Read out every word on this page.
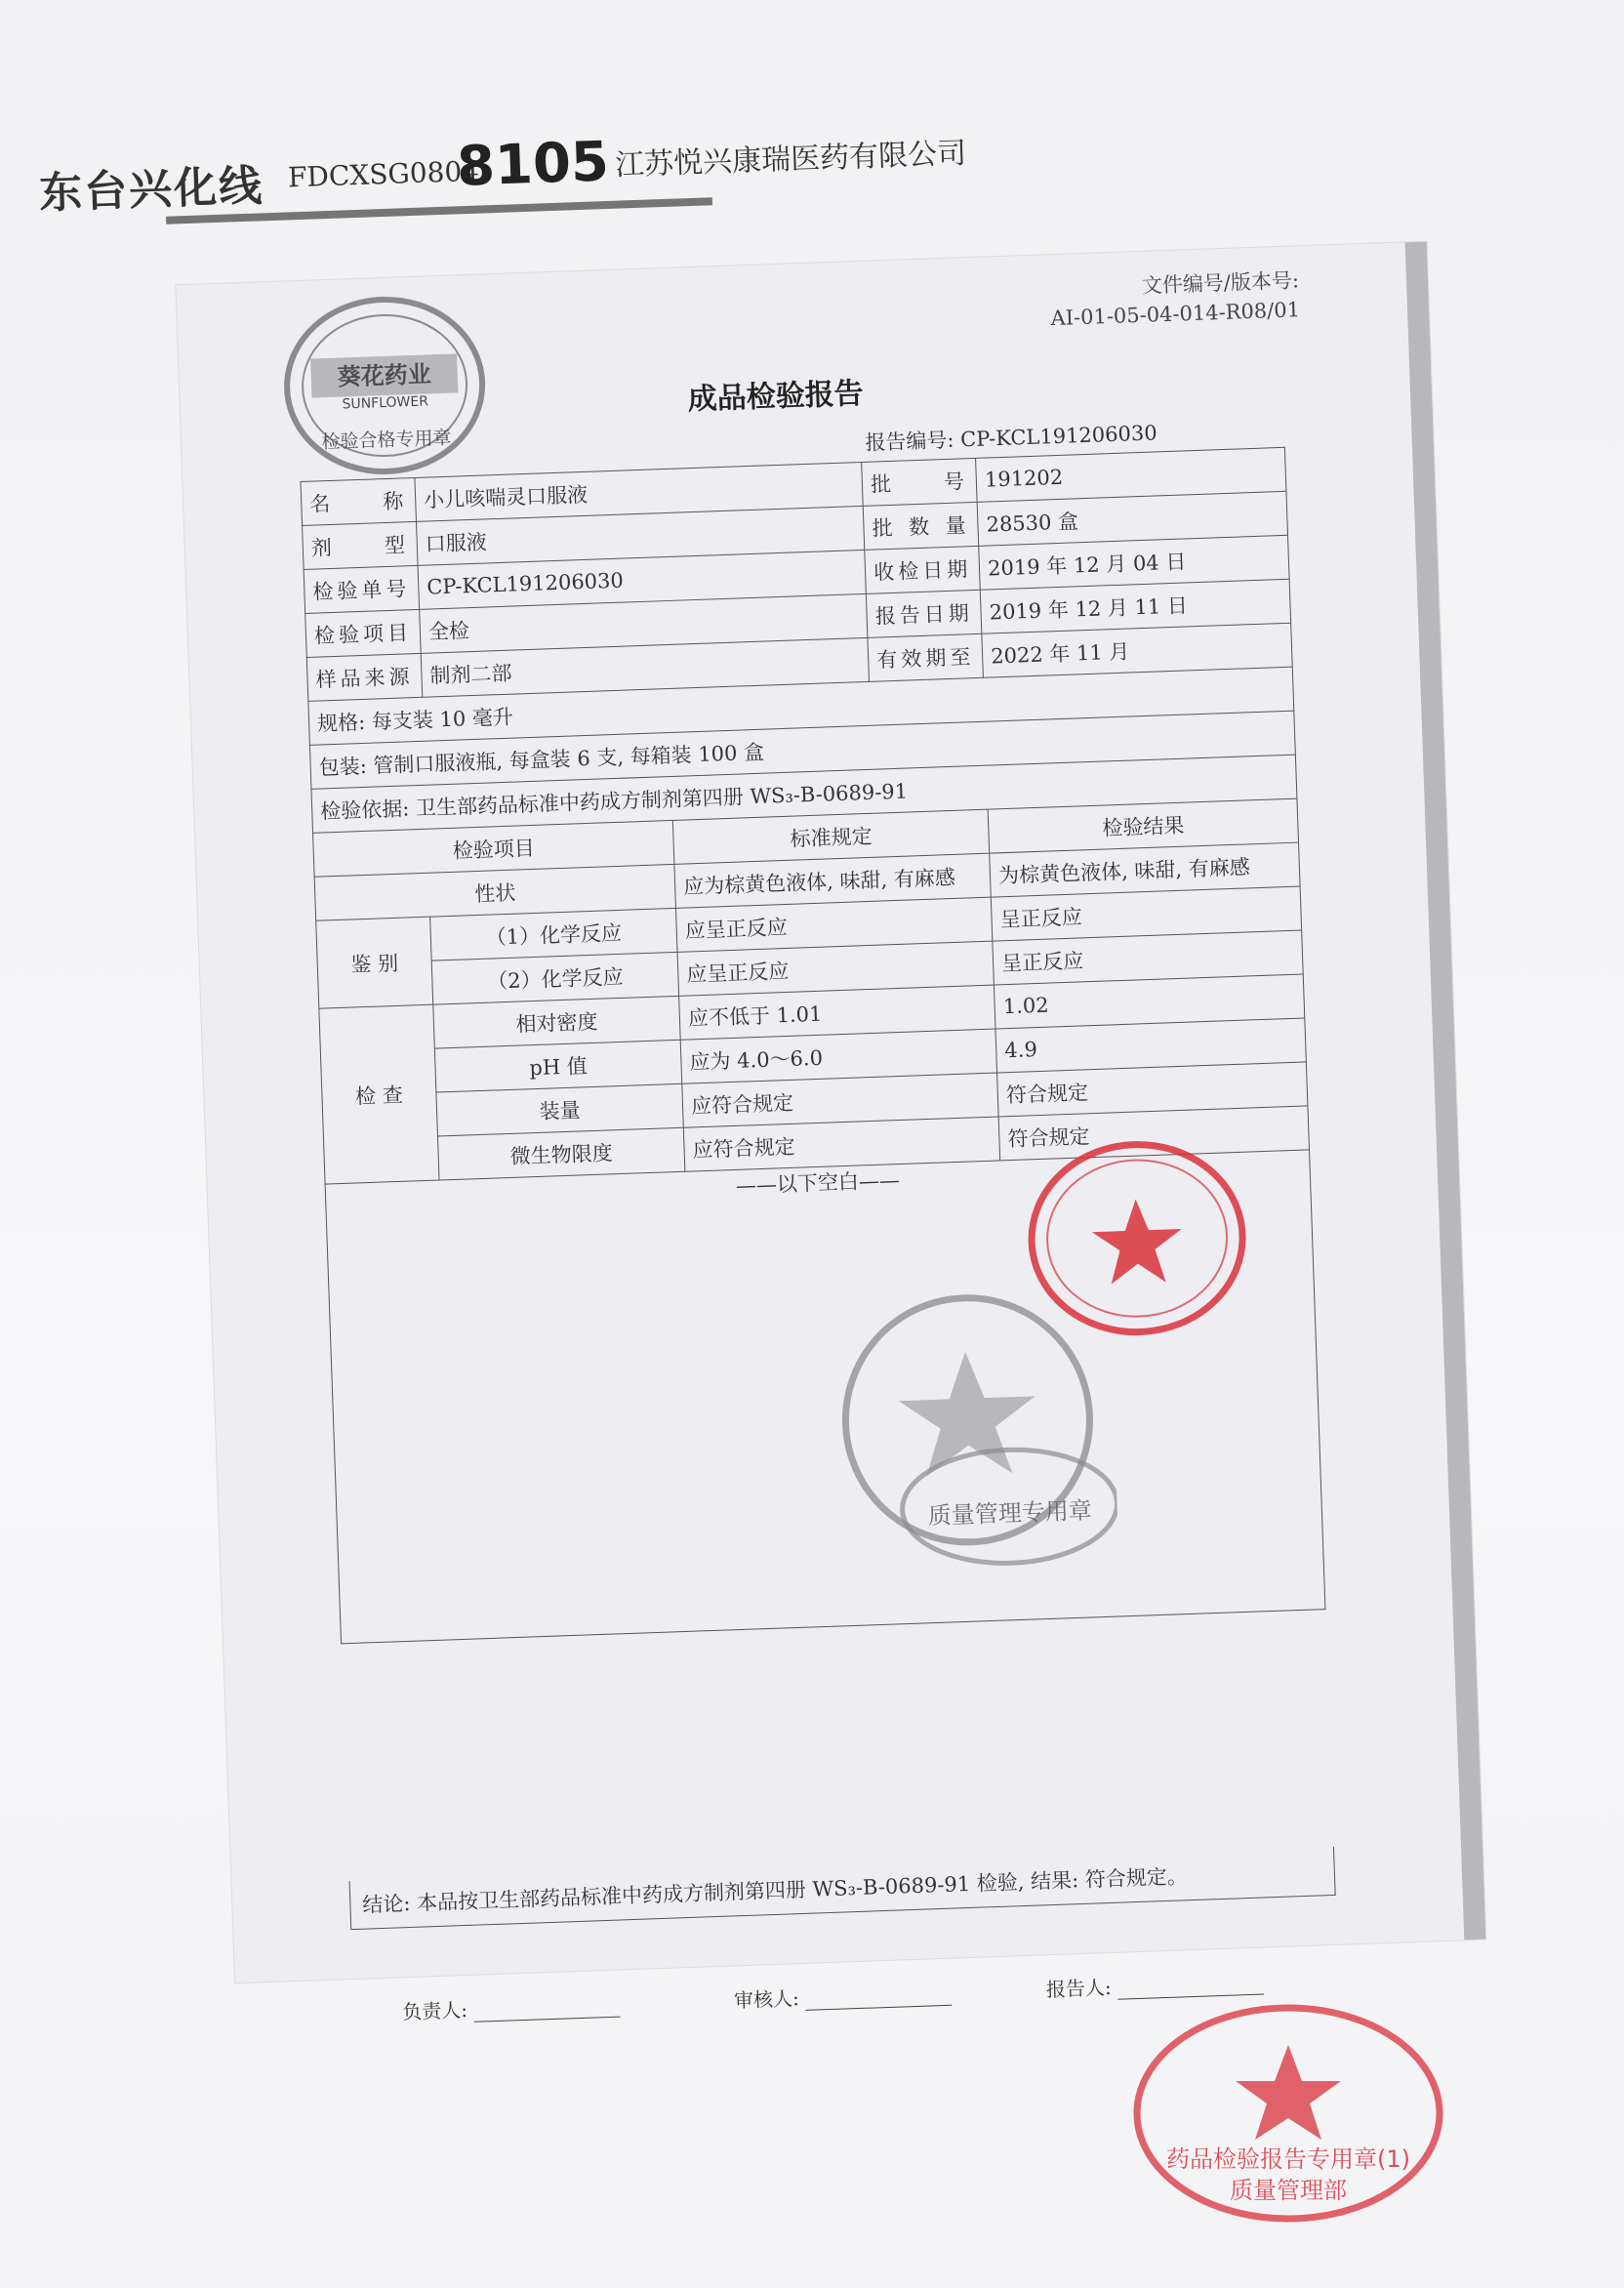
东台兴化线 FDCXSG0804
8105 江苏悦兴康瑞医药有限公司
葵花药业
SUNFLOWER
检验合格专用章
文件编号/版本号:
AI-01-05-04-014-R08/01
成品检验报告
报告编号: CP-KCL191206030
名　称	小儿咳喘灵口服液		批　号	191202
剂　型	口服液		批数量	28530 盒
检验单号	CP-KCL191206030		收检日期	2019 年 12 月 04 日
检验项目	全检		报告日期	2019 年 12 月 11 日
样品来源	制剂二部		有效期至	2022 年 11 月
规格: 每支装 10 毫升				
包装: 管制口服液瓶, 每盒装 6 支, 每箱装 100 盒				
检验依据: 卫生部药品标准中药成方制剂第四册 WS₃-B-0689-91				
检验项目		标准规定		检验结果
性状		应为棕黄色液体, 味甜, 有麻感		为棕黄色液体, 味甜, 有麻感
鉴 别	（1）化学反应	应呈正反应		呈正反应
	（2）化学反应	应呈正反应		呈正反应
检 查	相对密度	应不低于 1.01		1.02
	pH 值	应为 4.0～6.0		4.9
	装量	应符合规定		符合规定
	微生物限度	应符合规定		符合规定
——以下空白——				
结论: 本品按卫生部药品标准中药成方制剂第四册 WS₃-B-0689-91 检验, 结果: 符合规定。
负责人:	审核人:	报告人:
质量管理专用章
药品检验报告专用章(1)
质量管理部
